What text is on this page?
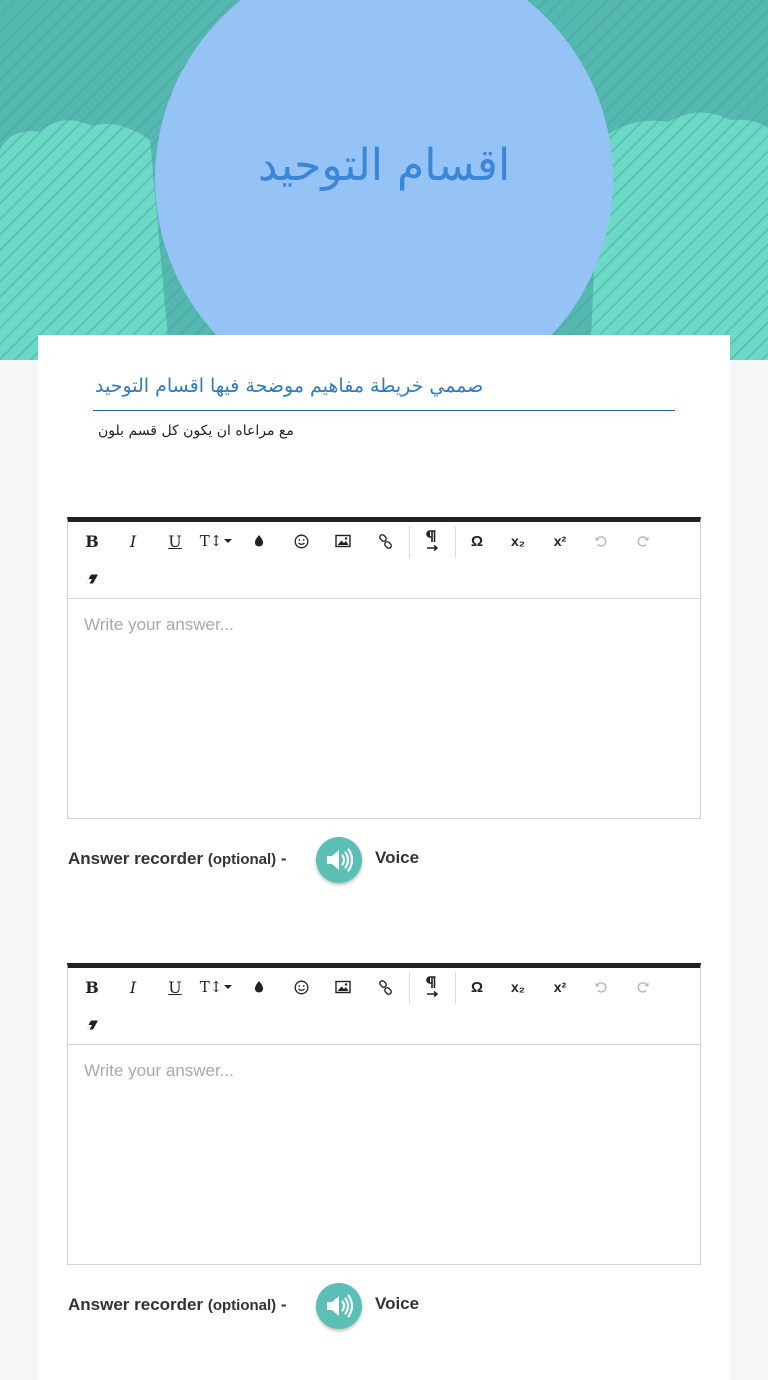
اقسام التوحيد
صممي خريطة مفاهيم موضحة فيها اقسام التوحيد
مع مراعاه ان يكون كل قسم بلون
B	I	U	T↕	Ω	x₂	x²
Write your answer...
Answer recorder (optional) -	Voice
B	I	U	T↕	Ω	x₂	x²
Write your answer...
Answer recorder (optional) -	Voice
